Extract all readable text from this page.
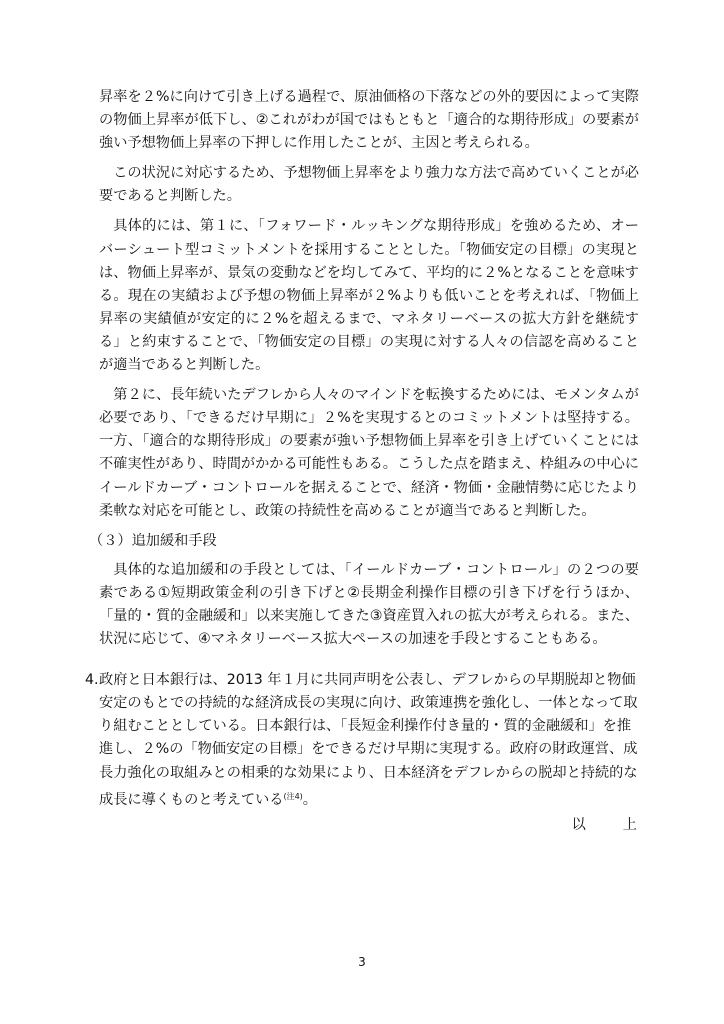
昇率を２%に向けて引き上げる過程で、原油価格の下落などの外的要因によって実際の物価上昇率が低下し、②これがわが国ではもともと「適合的な期待形成」の要素が強い予想物価上昇率の下押しに作用したことが、主因と考えられる。

この状況に対応するため、予想物価上昇率をより強力な方法で高めていくことが必要であると判断した。

具体的には、第１に、「フォワード・ルッキングな期待形成」を強めるため、オーバーシュート型コミットメントを採用することとした。「物価安定の目標」の実現とは、物価上昇率が、景気の変動などを均してみて、平均的に２%となることを意味する。現在の実績および予想の物価上昇率が２%よりも低いことを考えれば、「物価上昇率の実績値が安定的に２%を超えるまで、マネタリーベースの拡大方針を継続する」と約束することで、「物価安定の目標」の実現に対する人々の信認を高めることが適当であると判断した。

第２に、長年続いたデフレから人々のマインドを転換するためには、モメンタムが必要であり、「できるだけ早期に」２%を実現するとのコミットメントは堅持する。一方、「適合的な期待形成」の要素が強い予想物価上昇率を引き上げていくことには不確実性があり、時間がかかる可能性もある。こうした点を踏まえ、枠組みの中心にイールドカーブ・コントロールを据えることで、経済・物価・金融情勢に応じたより柔軟な対応を可能とし、政策の持続性を高めることが適当であると判断した。

（３）追加緩和手段

具体的な追加緩和の手段としては、「イールドカーブ・コントロール」の２つの要素である①短期政策金利の引き下げと②長期金利操作目標の引き下げを行うほか、「量的・質的金融緩和」以来実施してきた③資産買入れの拡大が考えられる。また、状況に応じて、④マネタリーベース拡大ペースの加速を手段とすることもある。

4. 政府と日本銀行は、2013 年１月に共同声明を公表し、デフレからの早期脱却と物価安定のもとでの持続的な経済成長の実現に向け、政策連携を強化し、一体となって取り組むこととしている。日本銀行は、「長短金利操作付き量的・質的金融緩和」を推進し、２%の「物価安定の目標」をできるだけ早期に実現する。政府の財政運営、成長力強化の取組みとの相乗的な効果により、日本経済をデフレからの脱却と持続的な成長に導くものと考えている$^{(注4)}$。

以	上
3
